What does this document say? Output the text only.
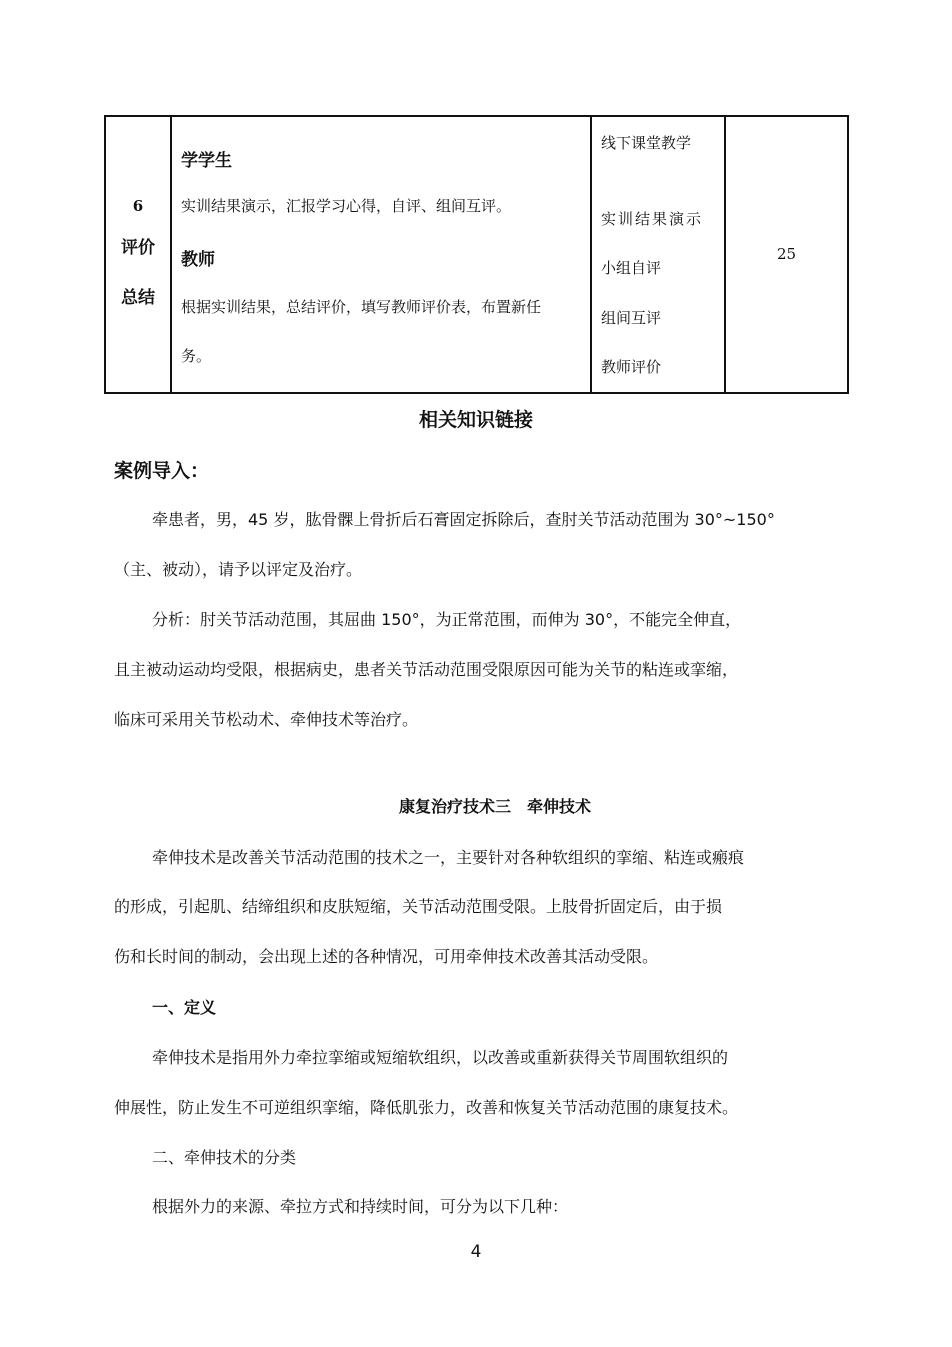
6
评价
总结

学学生
实训结果演示，汇报学习心得，自评、组间互评。
教师
根据实训结果，总结评价，填写教师评价表，布置新任
务。

线下课堂教学
实训结果演示
小组自评
组间互评
教师评价

25
相关知识链接
案例导入：
牵患者，男，45 岁，肱骨髁上骨折后石膏固定拆除后，查肘关节活动范围为 30°~150°
（主、被动），请予以评定及治疗。
分析：肘关节活动范围，其屈曲 150°，为正常范围，而伸为 30°，不能完全伸直，
且主被动运动均受限，根据病史，患者关节活动范围受限原因可能为关节的粘连或挛缩，
临床可采用关节松动术、牵伸技术等治疗。
康复治疗技术三　牵伸技术
牵伸技术是改善关节活动范围的技术之一，主要针对各种软组织的挛缩、粘连或瘢痕
的形成，引起肌、结缔组织和皮肤短缩，关节活动范围受限。上肢骨折固定后，由于损
伤和长时间的制动，会出现上述的各种情况，可用牵伸技术改善其活动受限。
一、定义
牵伸技术是指用外力牵拉挛缩或短缩软组织，以改善或重新获得关节周围软组织的
伸展性，防止发生不可逆组织挛缩，降低肌张力，改善和恢复关节活动范围的康复技术。
二、牵伸技术的分类
根据外力的来源、牵拉方式和持续时间，可分为以下几种：
4
